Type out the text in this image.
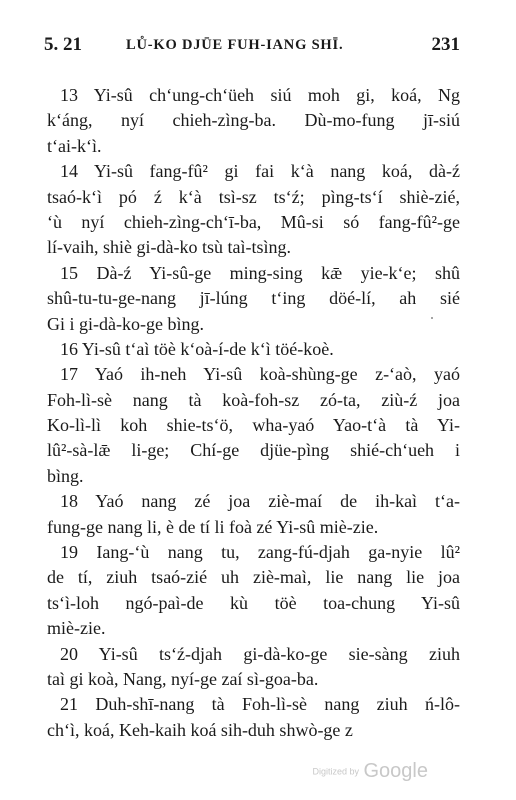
5. 21	LŮ-KO DJŪE FUH-IANG SHĪ.	231
13 Yi-sû ch‘ung-ch‘üeh siú moh gi, koá, Ng
k‘áng, nyí chieh-zìng-ba. Dù-mo-fung jī-siú
t‘ai-k‘ì.
14 Yi-sû fang-fû² gi fai k‘à nang koá, dà-ź
tsaó-k‘ì pó ź k‘à tsì-sz ts‘ź; pìng-ts‘í shiè-zié,
‘ù nyí chieh-zìng-ch‘ī-ba, Mû-si só fang-fû²-ge
lí-vaih, shiè gi-dà-ko tsù taì-tsìng.
15 Dà-ź Yi-sû-ge ming-sing kǣ yie-k‘e; shû
shû-tu-tu-ge-nang jī-lúng t‘ing döé-lí, ah sié
Gi i gi-dà-ko-ge bìng.
16 Yi-sû t‘aì töè k‘oà-í-de k‘ì töé-koè.
17 Yaó ih-neh Yi-sû koà-shùng-ge z-‘aò, yaó
Foh-lì-sè nang tà koà-foh-sz zó-ta, ziù-ź joa
Ko-lì-lì koh shie-ts‘ö, wha-yaó Yao-t‘à tà Yi-
lû²-sà-lǣ li-ge; Chí-ge djüe-pìng shié-ch‘ueh i
bìng.
18 Yaó nang zé joa ziè-maí de ih-kaì t‘a-
fung-ge nang li, è de tí li foà zé Yi-sû miè-zie.
19 Iang-‘ù nang tu, zang-fú-djah ga-nyie lû²
de tí, ziuh tsaó-zié uh ziè-maì, lie nang lie joa
ts‘ì-loh ngó-paì-de kù töè toa-chung Yi-sû
miè-zie.
20 Yi-sû ts‘ź-djah gi-dà-ko-ge sie-sàng ziuh
taì gi koà, Nang, nyí-ge zaí sì-goa-ba.
21 Duh-shī-nang tà Foh-lì-sè nang ziuh ń-lô-
ch‘ì, koá, Keh-kaih koá sih-duh shwò-ge z
Digitized by Google
